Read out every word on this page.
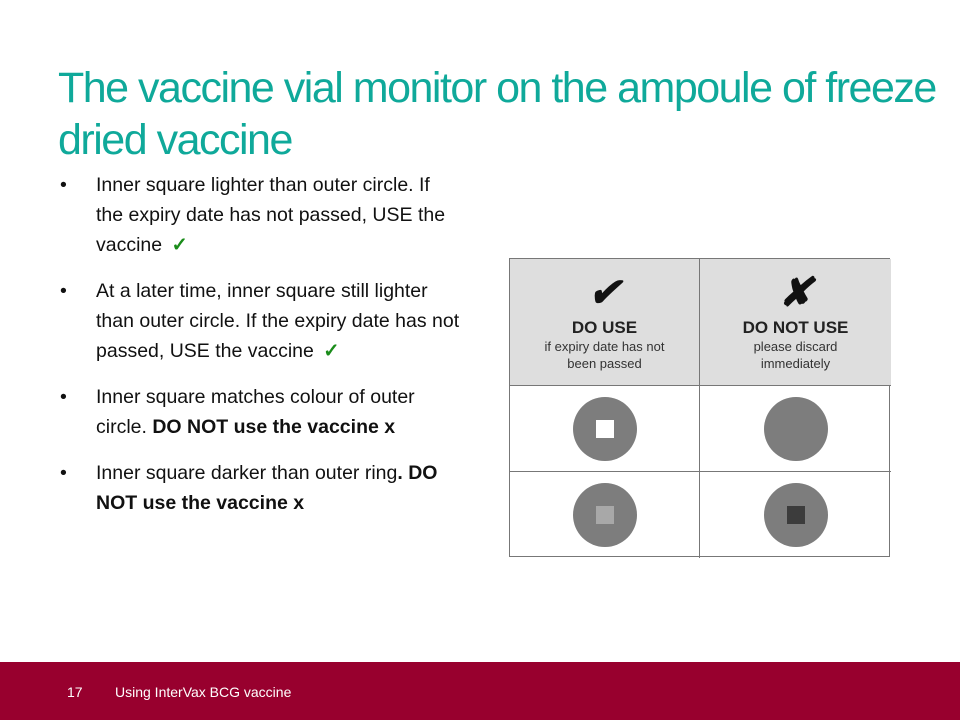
The vaccine vial monitor on the ampoule of freeze dried vaccine
• Inner square lighter than outer circle. If the expiry date has not passed, USE the vaccine ✓
• At a later time, inner square still lighter than outer circle. If the expiry date has not passed, USE the vaccine ✓
• Inner square matches colour of outer circle. DO NOT use the vaccine x
• Inner square darker than outer ring. DO NOT use the vaccine x
✔
DO USE
if expiry date has not
been passed
✘
DO NOT USE
please discard
immediately
17 Using InterVax BCG vaccine
